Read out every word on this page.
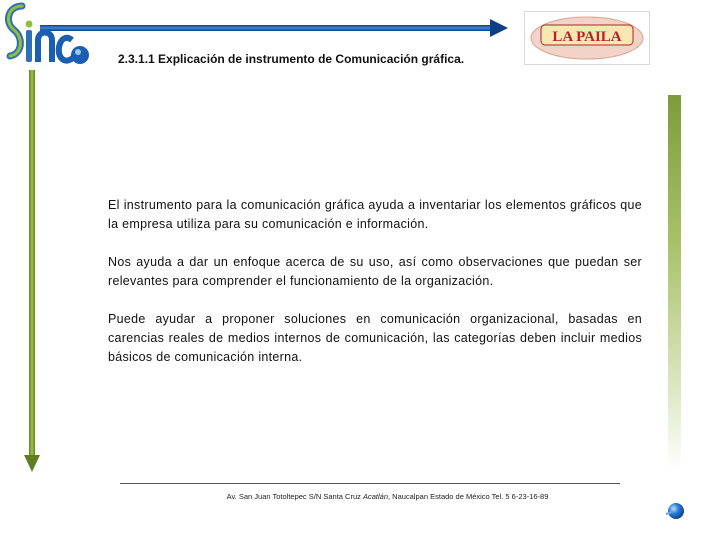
2.3.1.1 Explicación de instrumento de Comunicación gráfica.
LA PAILA

El instrumento para la comunicación gráfica ayuda a inventariar los elementos gráficos que la empresa utiliza para su comunicación e información.

Nos ayuda a dar un enfoque acerca de su uso, así como observaciones que puedan ser relevantes para comprender el funcionamiento de la organización.

Puede ayudar a proponer soluciones en comunicación organizacional, basadas en carencias reales de medios internos de comunicación, las categorías deben incluir medios básicos de comunicación interna.

Av. San Juan Totoltepec S/N Santa Cruz Acatlán, Naucalpan Estado de México Tel. 5 6-23-16-89
